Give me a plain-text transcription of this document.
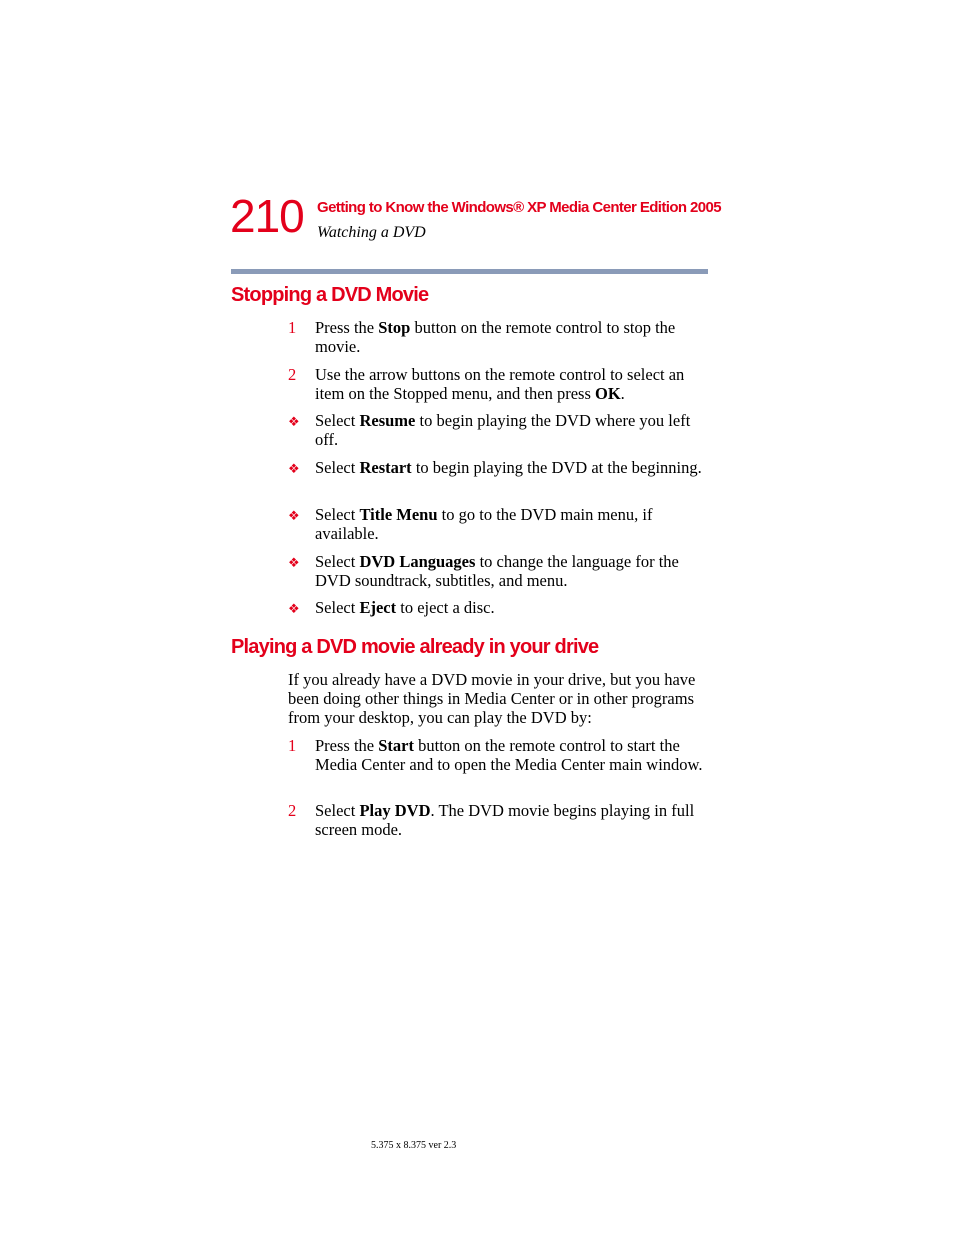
210 Getting to Know the Windows® XP Media Center Edition 2005
Watching a DVD
Stopping a DVD Movie
1 Press the Stop button on the remote control to stop the movie.
2 Use the arrow buttons on the remote control to select an item on the Stopped menu, and then press OK.
❖ Select Resume to begin playing the DVD where you left off.
❖ Select Restart to begin playing the DVD at the beginning.
❖ Select Title Menu to go to the DVD main menu, if available.
❖ Select DVD Languages to change the language for the DVD soundtrack, subtitles, and menu.
❖ Select Eject to eject a disc.
Playing a DVD movie already in your drive
If you already have a DVD movie in your drive, but you have been doing other things in Media Center or in other programs from your desktop, you can play the DVD by:
1 Press the Start button on the remote control to start the Media Center and to open the Media Center main window.
2 Select Play DVD. The DVD movie begins playing in full screen mode.
5.375 x 8.375 ver 2.3
